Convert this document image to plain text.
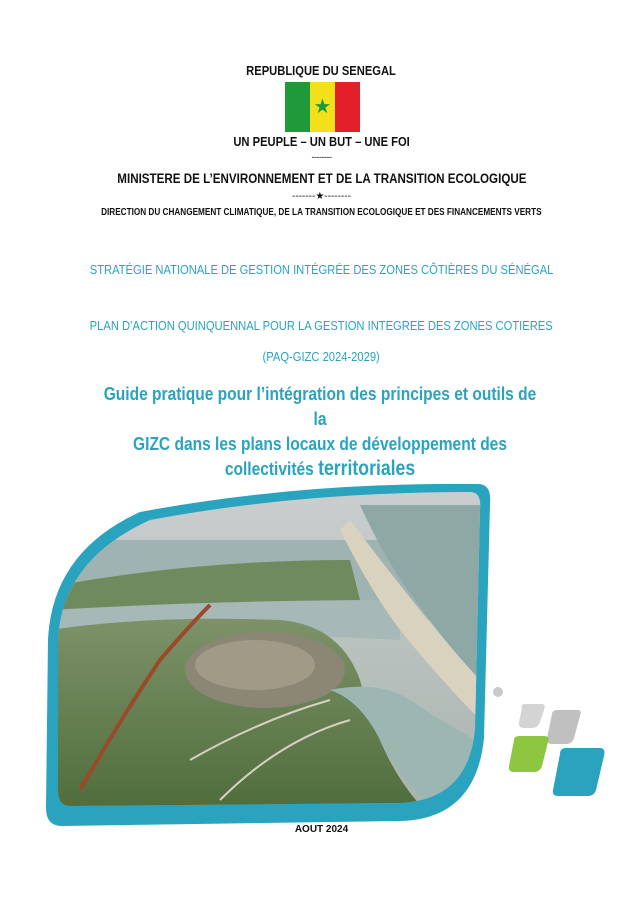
REPUBLIQUE DU SENEGAL
★
UN PEUPLE – UN BUT – UNE FOI
--------
MINISTERE DE L’ENVIRONNEMENT ET DE LA TRANSITION ECOLOGIQUE
-------★--------
DIRECTION DU CHANGEMENT CLIMATIQUE, DE LA TRANSITION ECOLOGIQUE ET DES FINANCEMENTS VERTS
STRATÉGIE NATIONALE DE GESTION INTÉGRÉE DES ZONES CÔTIÈRES DU SÉNÉGAL
PLAN D’ACTION QUINQUENNAL POUR LA GESTION INTEGREE DES ZONES COTIERES
(PAQ-GIZC 2024-2029)
Guide pratique pour l’intégration des principes et outils de la
GIZC dans les plans locaux de développement des
collectivités territoriales
AOUT 2024
